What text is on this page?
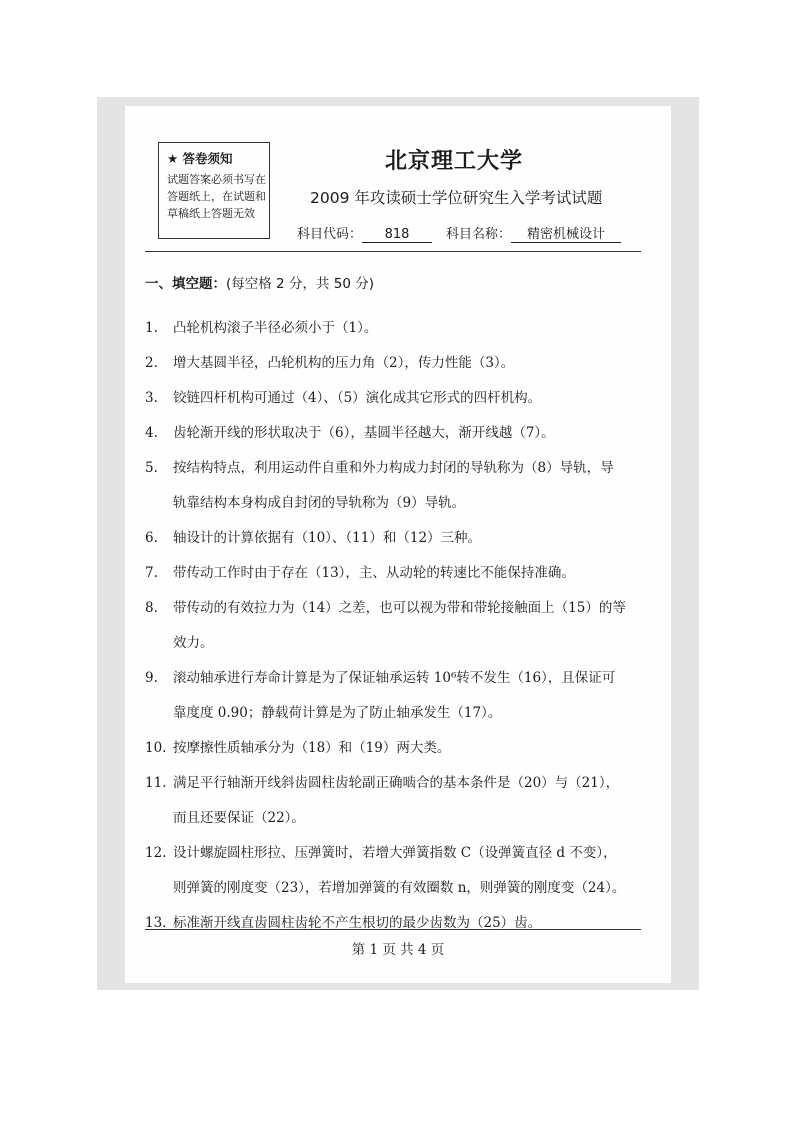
★ 答卷须知
试题答案必须书写在
答题纸上，在试题和
草稿纸上答题无效
北京理工大学
2009 年攻读硕士学位研究生入学考试试题
科目代码： 818	科目名称： 精密机械设计
一、填空题：(每空格 2 分，共 50 分)
1. 凸轮机构滚子半径必须小于（1）。
2. 增大基圆半径，凸轮机构的压力角（2），传力性能（3）。
3. 铰链四杆机构可通过（4）、（5）演化成其它形式的四杆机构。
4. 齿轮渐开线的形状取决于（6），基圆半径越大，渐开线越（7）。
5. 按结构特点，利用运动件自重和外力构成力封闭的导轨称为（8）导轨，导
轨靠结构本身构成自封闭的导轨称为（9）导轨。
6. 轴设计的计算依据有（10）、（11）和（12）三种。
7. 带传动工作时由于存在（13），主、从动轮的转速比不能保持准确。
8. 带传动的有效拉力为（14）之差，也可以视为带和带轮接触面上（15）的等
效力。
9. 滚动轴承进行寿命计算是为了保证轴承运转 10⁶转不发生（16），且保证可
靠度度 0.90；静载荷计算是为了防止轴承发生（17）。
10. 按摩擦性质轴承分为（18）和（19）两大类。
11. 满足平行轴渐开线斜齿圆柱齿轮副正确啮合的基本条件是（20）与（21），
而且还要保证（22）。
12. 设计螺旋圆柱形拉、压弹簧时，若增大弹簧指数 C（设弹簧直径 d 不变），
则弹簧的刚度变（23），若增加弹簧的有效圈数 n，则弹簧的刚度变（24）。
13. 标准渐开线直齿圆柱齿轮不产生根切的最少齿数为（25）齿。
第 1 页 共 4 页
